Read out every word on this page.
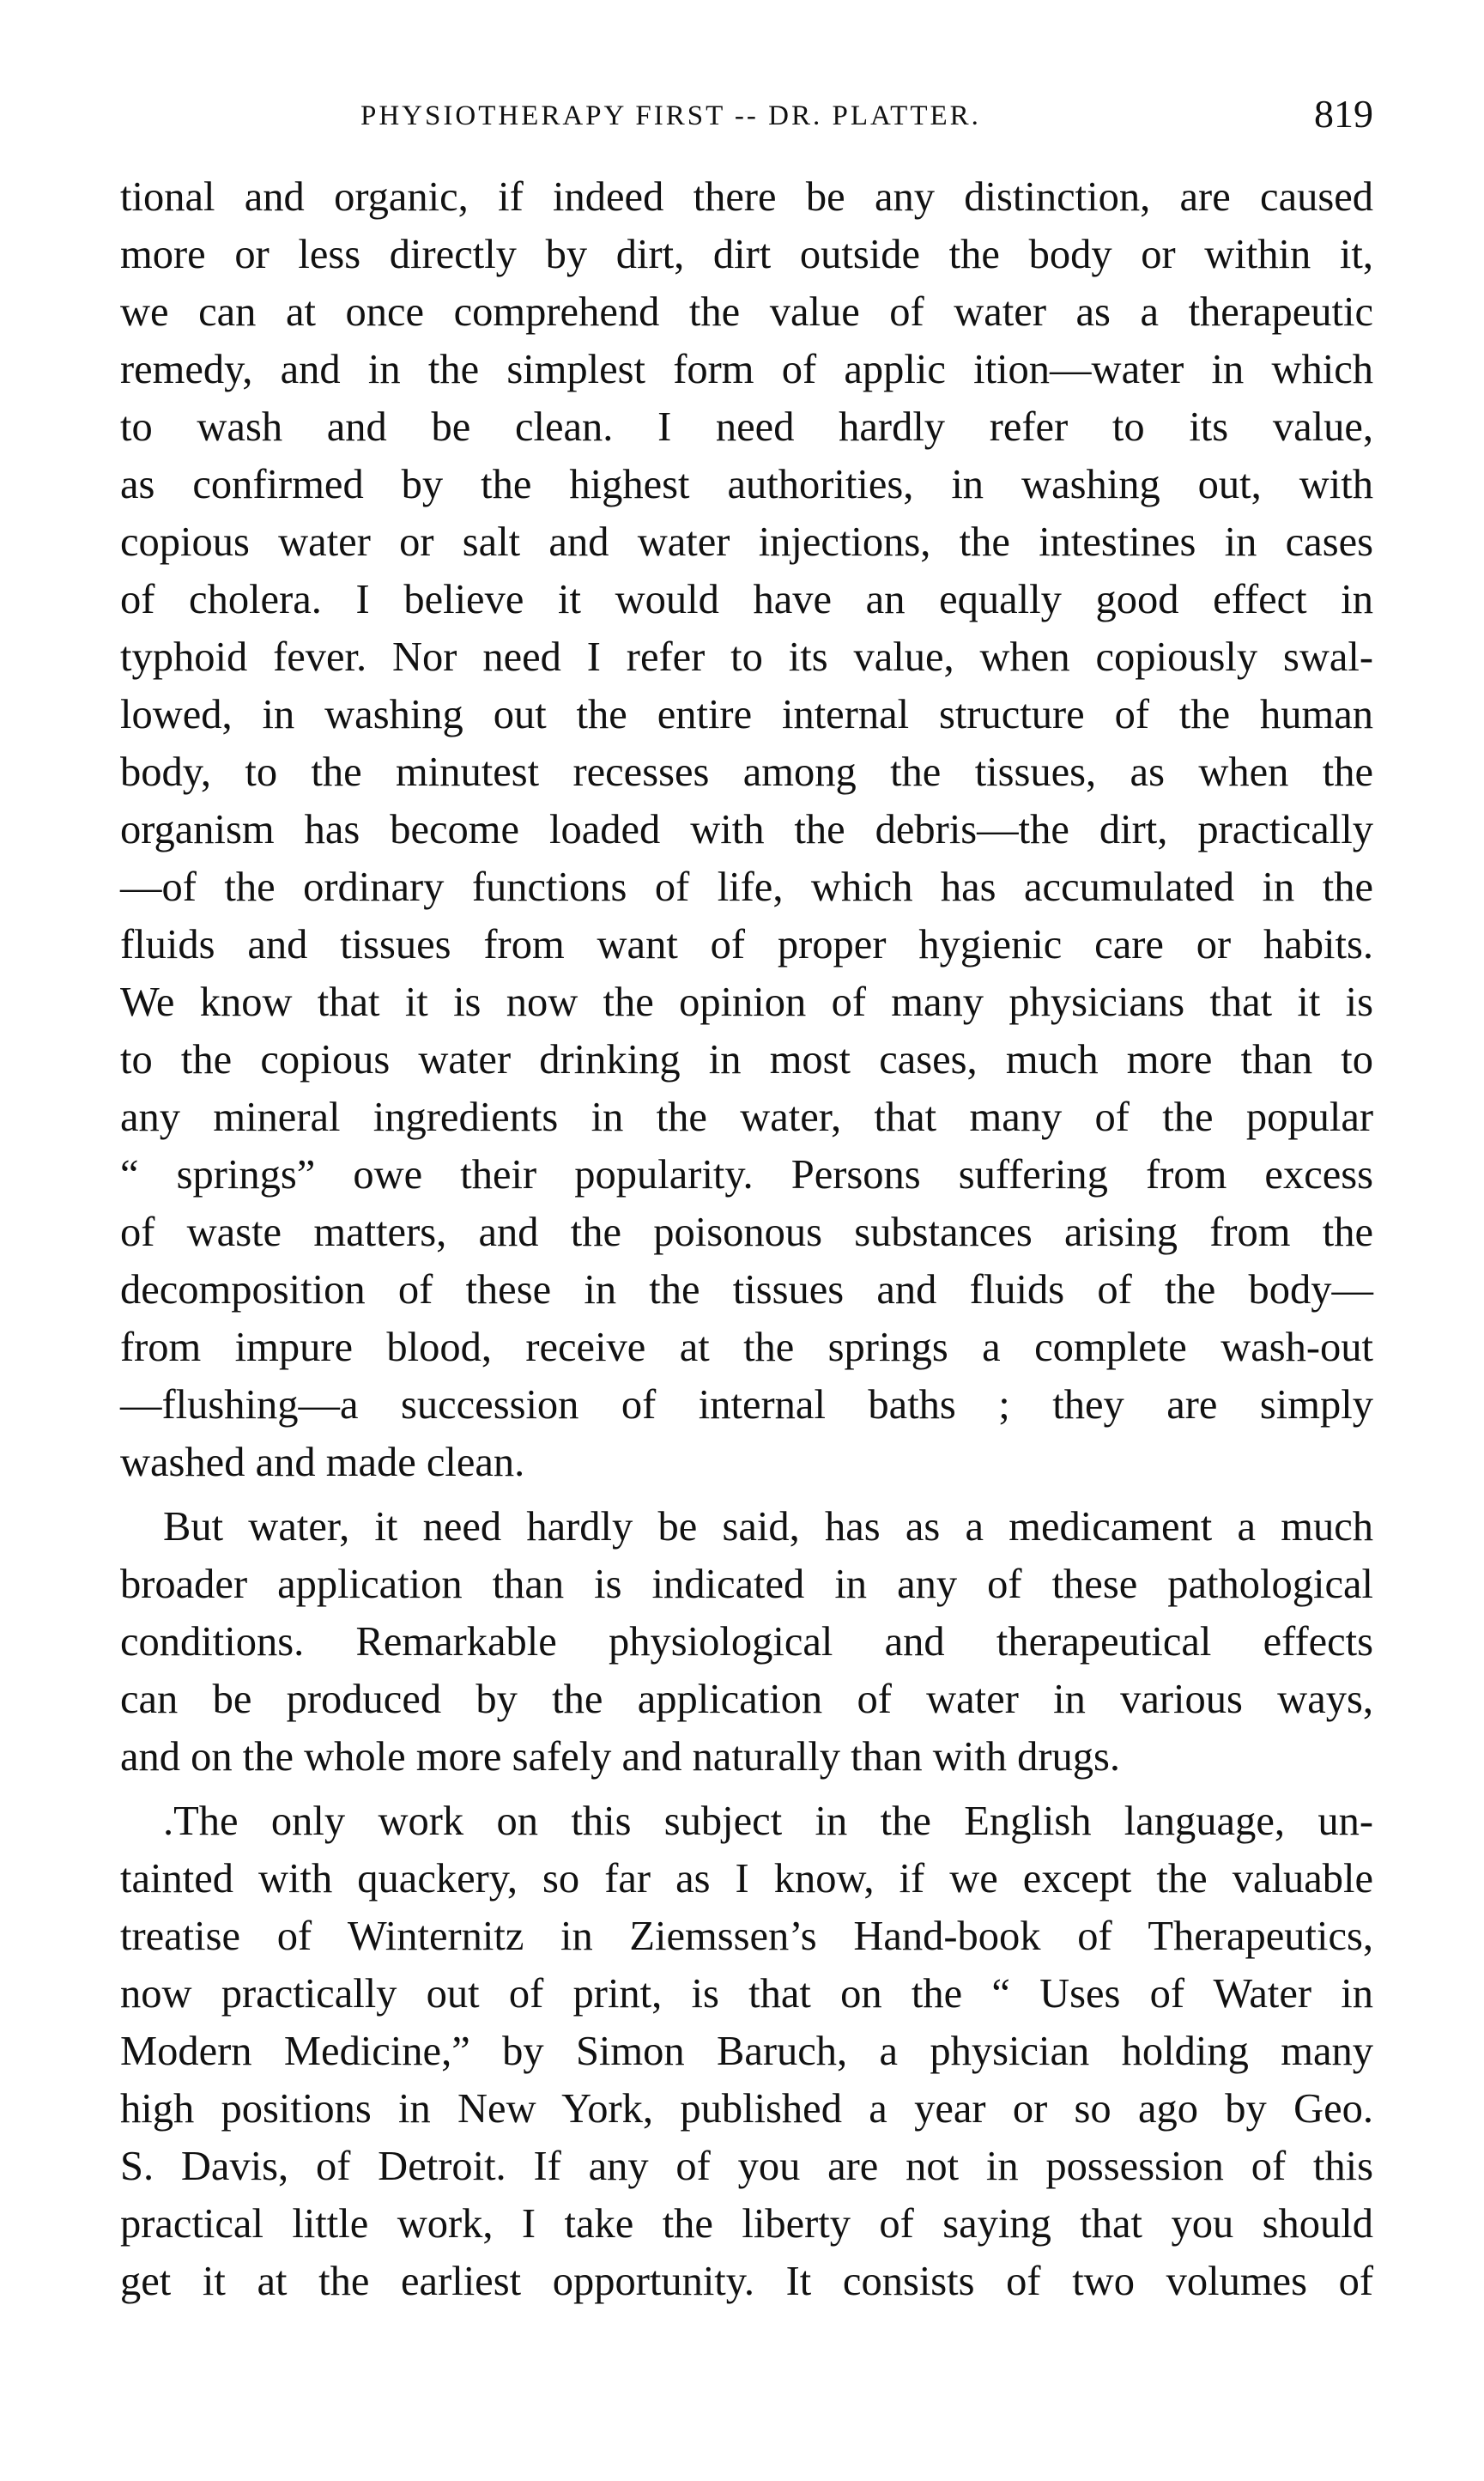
PHYSIOTHERAPY FIRST -- DR. PLATTER.	819
tional and organic, if indeed there be any distinction, are caused
more or less directly by dirt, dirt outside the body or within it,
we can at once comprehend the value of water as a therapeutic
remedy, and in the simplest form of applic ition—water in which
to wash and be clean. I need hardly refer to its value,
as confirmed by the highest authorities, in washing out, with
copious water or salt and water injections, the intestines in cases
of cholera. I believe it would have an equally good effect in
typhoid fever. Nor need I refer to its value, when copiously swal-
lowed, in washing out the entire internal structure of the human
body, to the minutest recesses among the tissues, as when the
organism has become loaded with the debris—the dirt, practically
—of the ordinary functions of life, which has accumulated in the
fluids and tissues from want of proper hygienic care or habits.
We know that it is now the opinion of many physicians that it is
to the copious water drinking in most cases, much more than to
any mineral ingredients in the water, that many of the popular
“ springs” owe their popularity. Persons suffering from excess
of waste matters, and the poisonous substances arising from the
decomposition of these in the tissues and fluids of the body—
from impure blood, receive at the springs a complete wash-out
—flushing—a succession of internal baths ; they are simply
washed and made clean.
But water, it need hardly be said, has as a medicament a much
broader application than is indicated in any of these pathological
conditions. Remarkable physiological and therapeutical effects
can be produced by the application of water in various ways,
and on the whole more safely and naturally than with drugs.
.The only work on this subject in the English language, un-
tainted with quackery, so far as I know, if we except the valuable
treatise of Winternitz in Ziemssen’s Hand-book of Therapeutics,
now practically out of print, is that on the “ Uses of Water in
Modern Medicine,” by Simon Baruch, a physician holding many
high positions in New York, published a year or so ago by Geo.
S. Davis, of Detroit. If any of you are not in possession of this
practical little work, I take the liberty of saying that you should
get it at the earliest opportunity. It consists of two volumes of
